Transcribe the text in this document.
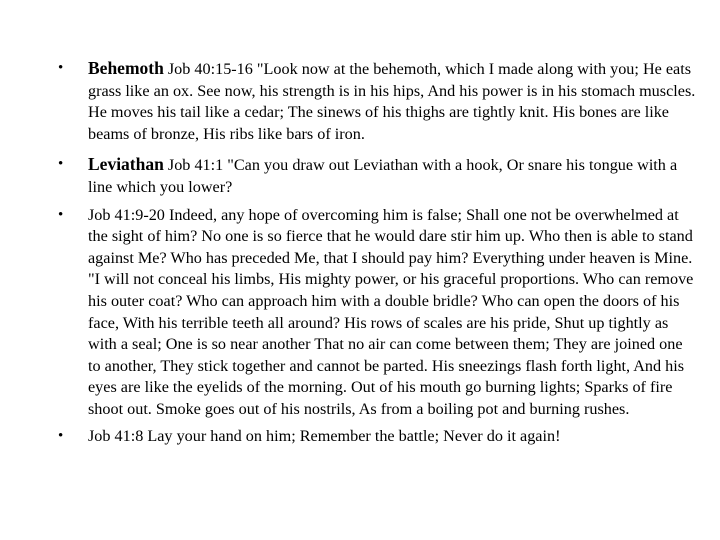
•	Behemoth Job 40:15-16 "Look now at the behemoth, which I made along with you; He eats grass like an ox. See now, his strength is in his hips, And his power is in his stomach muscles. He moves his tail like a cedar; The sinews of his thighs are tightly knit. His bones are like beams of bronze, His ribs like bars of iron.
•	Leviathan Job 41:1 "Can you draw out Leviathan with a hook, Or snare his tongue with a line which you lower?
•	Job 41:9-20 Indeed, any hope of overcoming him is false; Shall one not be overwhelmed at the sight of him? No one is so fierce that he would dare stir him up. Who then is able to stand against Me? Who has preceded Me, that I should pay him? Everything under heaven is Mine. "I will not conceal his limbs, His mighty power, or his graceful proportions. Who can remove his outer coat? Who can approach him with a double bridle? Who can open the doors of his face, With his terrible teeth all around? His rows of scales are his pride, Shut up tightly as with a seal; One is so near another That no air can come between them; They are joined one to another, They stick together and cannot be parted. His sneezings flash forth light, And his eyes are like the eyelids of the morning. Out of his mouth go burning lights; Sparks of fire shoot out. Smoke goes out of his nostrils, As from a boiling pot and burning rushes.
•	Job 41:8 Lay your hand on him; Remember the battle; Never do it again!
